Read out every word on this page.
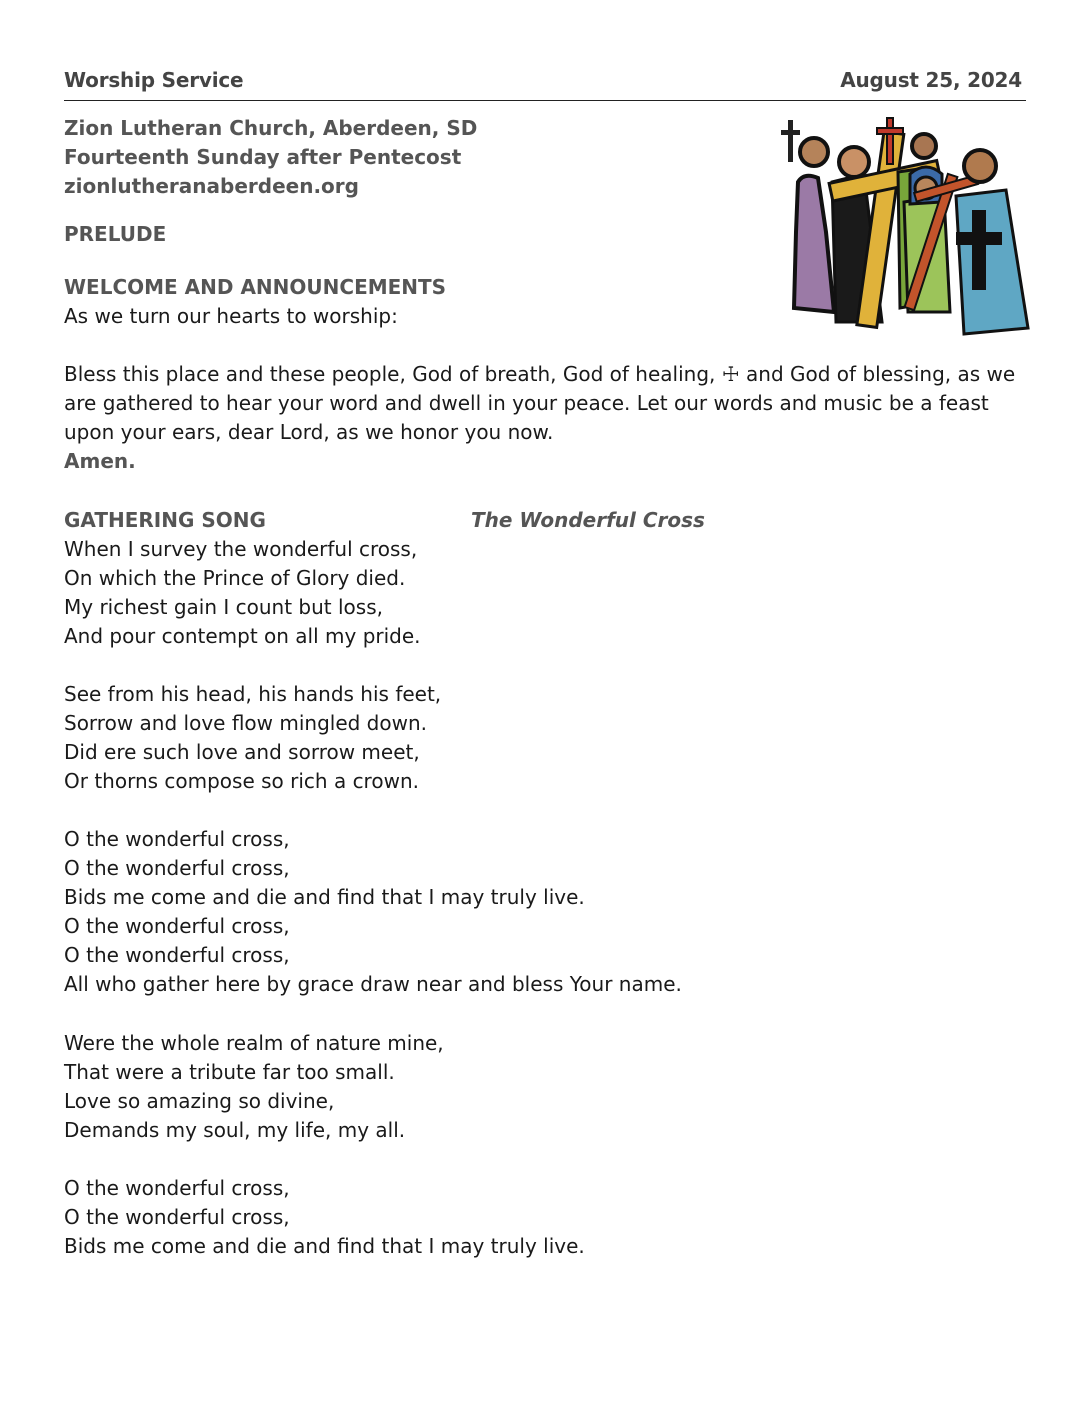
Worship Service	August 25, 2024
Zion Lutheran Church, Aberdeen, SD
Fourteenth Sunday after Pentecost
zionlutheranaberdeen.org
PRELUDE
WELCOME AND ANNOUNCEMENTS
As we turn our hearts to worship:
Bless this place and these people, God of breath, God of healing, ☩ and God of blessing, as we
are gathered to hear your word and dwell in your peace. Let our words and music be a feast
upon your ears, dear Lord, as we honor you now.
Amen.
GATHERING SONG	The Wonderful Cross
When I survey the wonderful cross,
On which the Prince of Glory died.
My richest gain I count but loss,
And pour contempt on all my pride.
See from his head, his hands his feet,
Sorrow and love flow mingled down.
Did ere such love and sorrow meet,
Or thorns compose so rich a crown.
O the wonderful cross,
O the wonderful cross,
Bids me come and die and find that I may truly live.
O the wonderful cross,
O the wonderful cross,
All who gather here by grace draw near and bless Your name.
Were the whole realm of nature mine,
That were a tribute far too small.
Love so amazing so divine,
Demands my soul, my life, my all.
O the wonderful cross,
O the wonderful cross,
Bids me come and die and find that I may truly live.
